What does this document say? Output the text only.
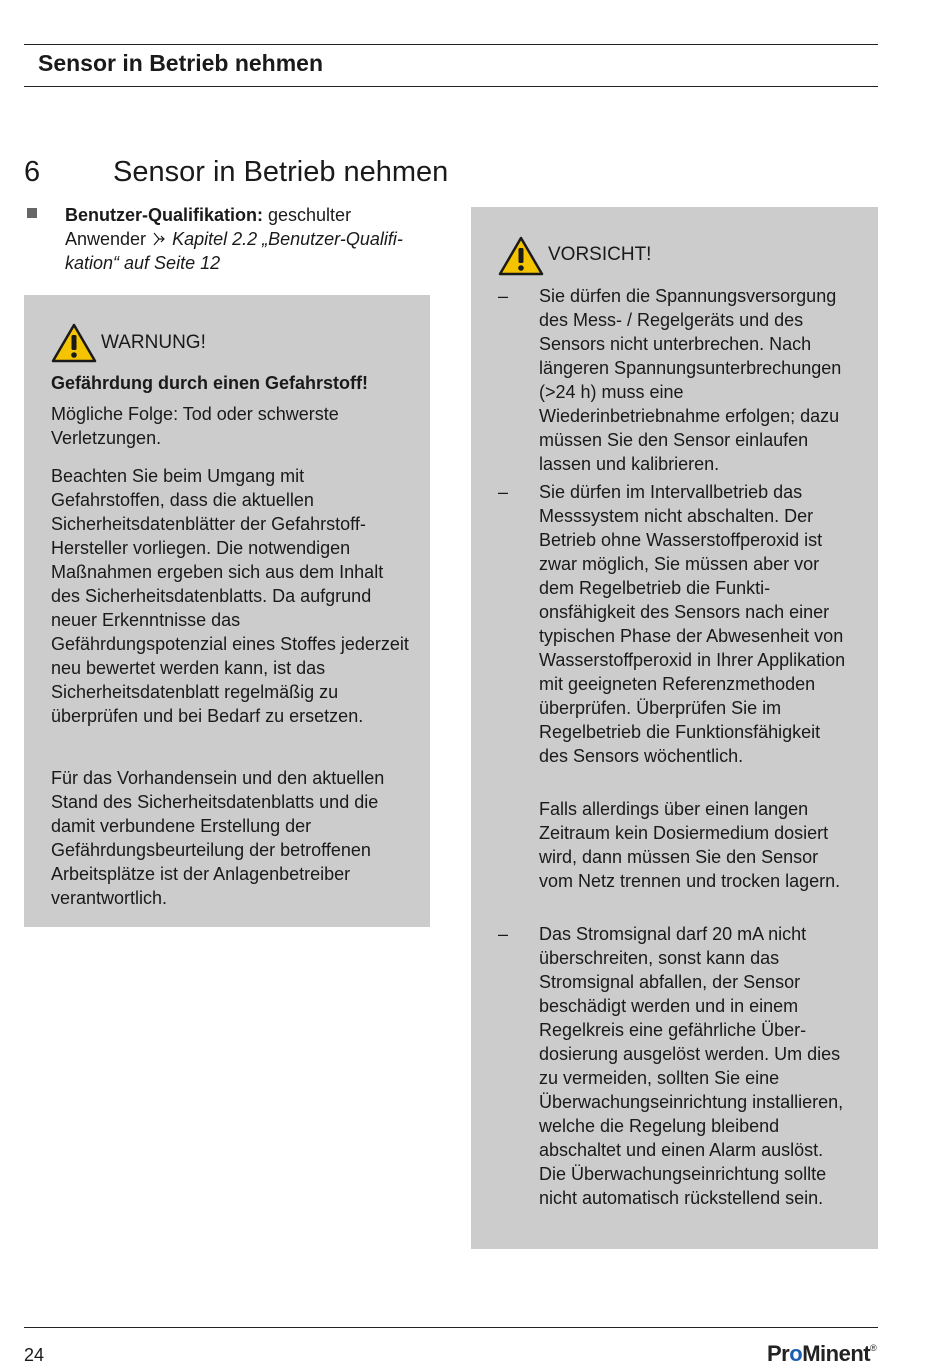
Sensor in Betrieb nehmen
6	Sensor in Betrieb nehmen
Benutzer-Qualifikation: geschulter Anwender  Kapitel 2.2 „Benutzer-Qualifikation“ auf Seite 12
WARNUNG!
Gefährdung durch einen Gefahrstoff!

Mögliche Folge: Tod oder schwerste Verletzungen.

Beachten Sie beim Umgang mit Gefahrstoffen, dass die aktuellen Sicherheitsdatenblätter der Gefahrstoff-Hersteller vorliegen. Die notwendigen Maßnahmen ergeben sich aus dem Inhalt des Sicherheitsdatenblatts. Da aufgrund neuer Erkenntnisse das Gefährdungspotenzial eines Stoffes jederzeit neu bewertet werden kann, ist das Sicherheitsdatenblatt regelmäßig zu überprüfen und bei Bedarf zu ersetzen.

Für das Vorhandensein und den aktuellen Stand des Sicherheitsdatenblatts und die damit verbundene Erstellung der Gefährdungsbeurteilung der betroffenen Arbeitsplätze ist der Anlagenbetreiber verantwortlich.

VORSICHT!
– Sie dürfen die Spannungsversorgung des Mess- / Regelgeräts und des Sensors nicht unterbrechen. Nach längeren Spannungsunterbrechungen (>24 h) muss eine Wiederinbetriebnahme erfolgen; dazu müssen Sie den Sensor einlaufen lassen und kalibrieren.

– Sie dürfen im Intervallbetrieb das Messsystem nicht abschalten. Der Betrieb ohne Wasserstoffperoxid ist zwar möglich, Sie müssen aber vor dem Regelbetrieb die Funktionsfähigkeit des Sensors nach einer typischen Phase der Abwesenheit von Wasserstoffperoxid in Ihrer Applikation mit geeigneten Referenzmethoden überprüfen. Überprüfen Sie im Regelbetrieb die Funktionsfähigkeit des Sensors wöchentlich.

Falls allerdings über einen langen Zeitraum kein Dosiermedium dosiert wird, dann müssen Sie den Sensor vom Netz trennen und trocken lagern.

– Das Stromsignal darf 20 mA nicht überschreiten, sonst kann das Stromsignal abfallen, der Sensor beschädigt werden und in einem Regelkreis eine gefährliche Überdosierung ausgelöst werden. Um dies zu vermeiden, sollten Sie eine Überwachungseinrichtung installieren, welche die Regelung bleibend abschaltet und einen Alarm auslöst. Die Überwachungseinrichtung sollte nicht automatisch rückstellend sein.

24	ProMinent®
